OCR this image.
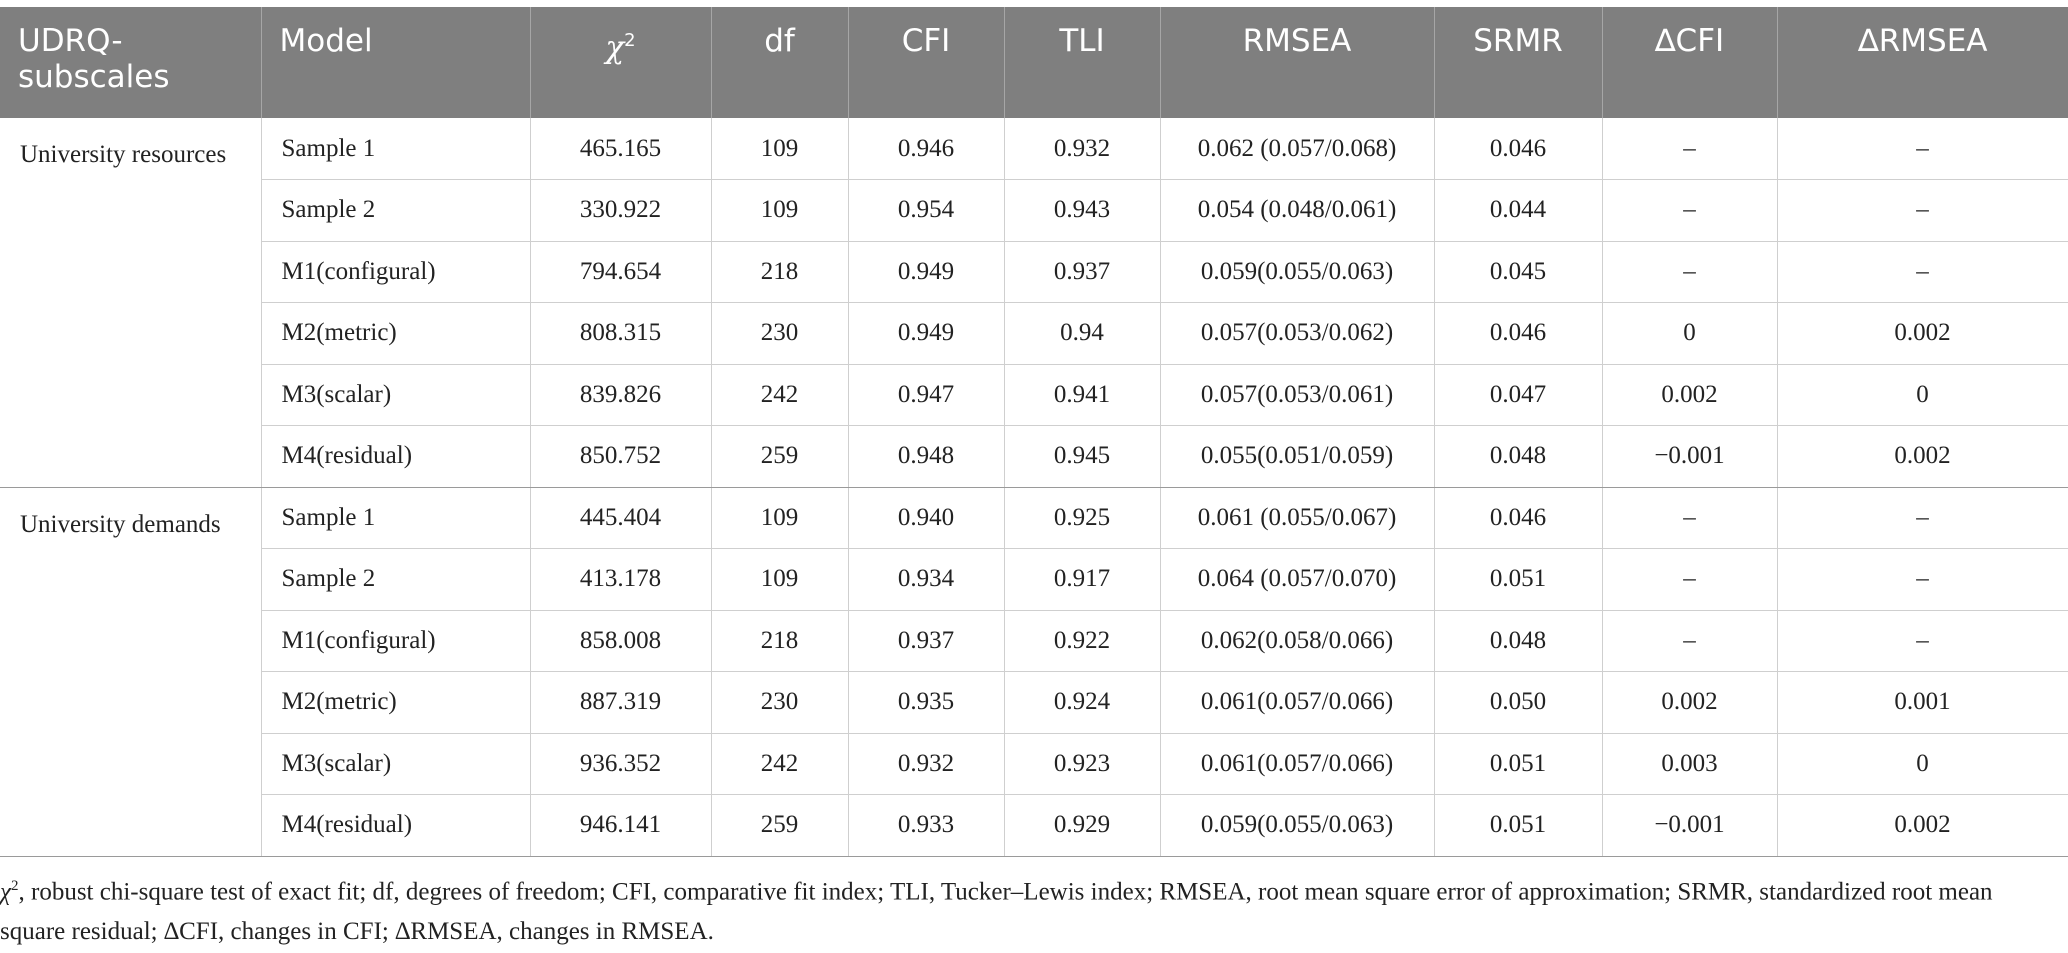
UDRQ-subscales	Model	$\chi^2$	df	CFI	TLI	RMSEA	SRMR	∆CFI	∆RMSEA
University resources	Sample 1	465.165	109	0.946	0.932	0.062 (0.057/0.068)	0.046	–	–
	Sample 2	330.922	109	0.954	0.943	0.054 (0.048/0.061)	0.044	–	–
	M1(configural)	794.654	218	0.949	0.937	0.059(0.055/0.063)	0.045	–	–
	M2(metric)	808.315	230	0.949	0.94	0.057(0.053/0.062)	0.046	0	0.002
	M3(scalar)	839.826	242	0.947	0.941	0.057(0.053/0.061)	0.047	0.002	0
	M4(residual)	850.752	259	0.948	0.945	0.055(0.051/0.059)	0.048	−0.001	0.002
University demands	Sample 1	445.404	109	0.940	0.925	0.061 (0.055/0.067)	0.046	–	–
	Sample 2	413.178	109	0.934	0.917	0.064 (0.057/0.070)	0.051	–	–
	M1(configural)	858.008	218	0.937	0.922	0.062(0.058/0.066)	0.048	–	–
	M2(metric)	887.319	230	0.935	0.924	0.061(0.057/0.066)	0.050	0.002	0.001
	M3(scalar)	936.352	242	0.932	0.923	0.061(0.057/0.066)	0.051	0.003	0
	M4(residual)	946.141	259	0.933	0.929	0.059(0.055/0.063)	0.051	−0.001	0.002
$\chi^2$, robust chi-square test of exact fit; df, degrees of freedom; CFI, comparative fit index; TLI, Tucker–Lewis index; RMSEA, root mean square error of approximation; SRMR, standardized root mean square residual; ∆CFI, changes in CFI; ∆RMSEA, changes in RMSEA.
